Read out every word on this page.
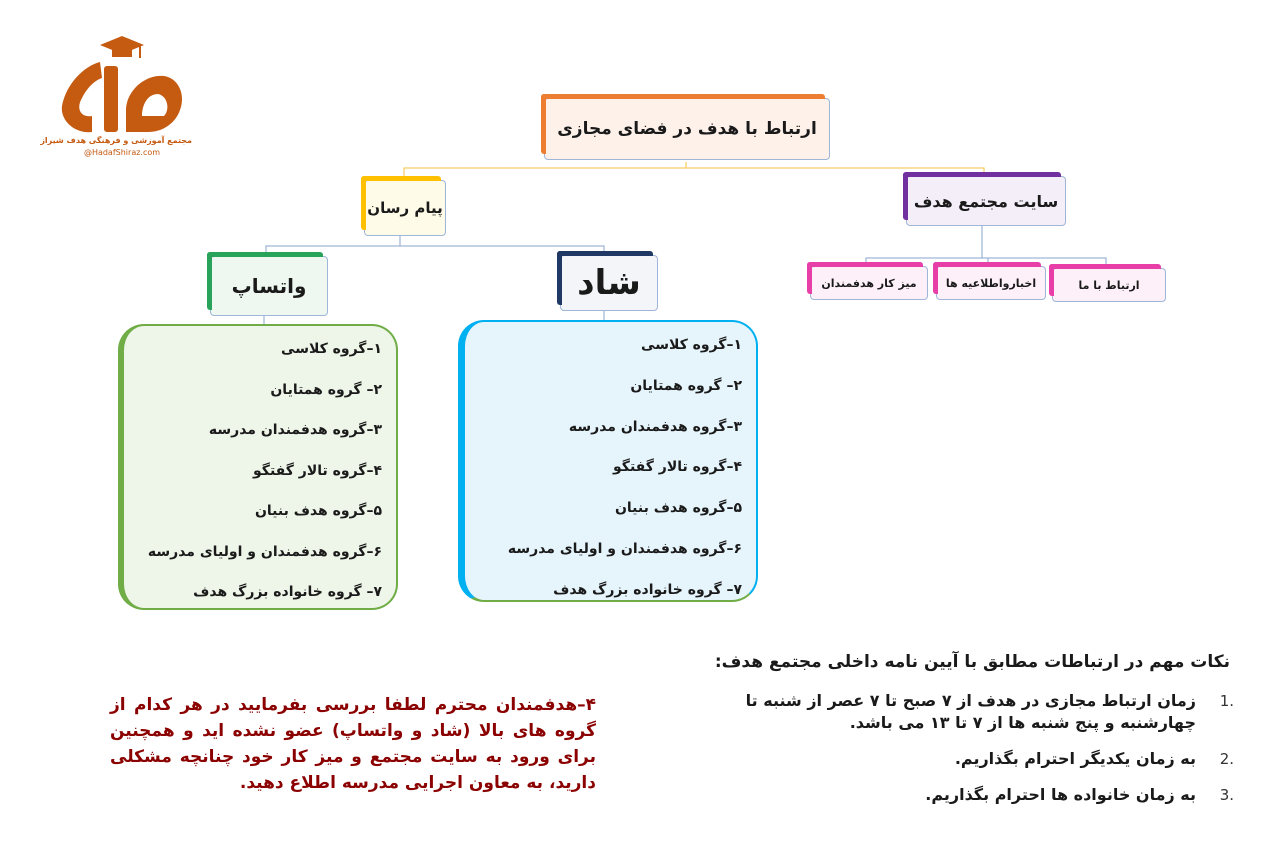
مجتمع آموزشی و فرهنگی هدف شیراز
@HadafShiraz.com
ارتباط با هدف در فضای مجازی
پیام رسان	سایت مجتمع هدف
ارتباط با ما
اخبارواطلاعیه ها
میز کار هدفمندان
واتساپ	شاد
۱–گروه کلاسی
۲– گروه همتایان
۳–گروه هدفمندان مدرسه
۴–گروه تالار گفتگو
۵–گروه هدف بنیان
۶–گروه هدفمندان و اولیای مدرسه
۷– گروه خانواده بزرگ هدف
۱–گروه کلاسی
۲– گروه همتایان
۳–گروه هدفمندان مدرسه
۴–گروه تالار گفتگو
۵–گروه هدف بنیان
۶–گروه هدفمندان و اولیای مدرسه
۷– گروه خانواده بزرگ هدف
نکات مهم در ارتباطات مطابق با آیین نامه داخلی مجتمع هدف:
1.
زمان ارتباط مجازی در هدف از ۷ صبح تا ۷ عصر از شنبه تا چهارشنبه و پنج شنبه ها از ۷ تا ۱۳ می باشد.
2.
به زمان یکدیگر احترام بگذاریم.
3.
به زمان خانواده ها احترام بگذاریم.
۴–هدفمندان محترم لطفا بررسی بفرمایید در هر کدام از گروه های بالا (شاد و واتساپ) عضو نشده اید و همچنین برای ورود به سایت مجتمع و میز کار خود چنانچه مشکلی دارید، به معاون اجرایی مدرسه اطلاع دهید.
